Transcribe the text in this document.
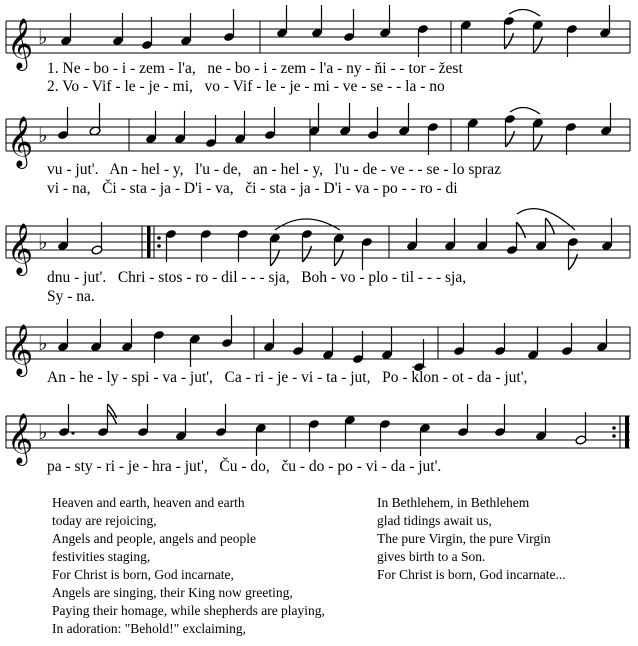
𝄞 ♭
1. Ne - bo - i - zem - l'a,   ne - bo - i - zem - l'a - ny - ňi - - tor - žest
2. Vo - Vif - le - je - mi,   vo - Vif - le - je - mi - ve - se - - la - no
𝄞 ♭
vu - jut'.   An - hel - y,   l'u - de,   an - hel - y,   l'u - de - ve - - se - lo sprаz
vi - na,   Či - sta - ja - D'i - va,   či - sta - ja - D'i - va - po - - ro - di
𝄞 ♭
dnu - jut'.   Chri - stos - ro - dil - - - sja,   Boh - vo - plo - til - - - sja,
Sy - na.
𝄞 ♭
An - he - ly - spi - va - jut',   Ca - ri - je - vi - ta - jut,   Po - klon - ot - da - jut',
𝄞 ♭
pa - sty - ri - je - hra - jut',   Ču - do,   ču - do - po - vi - da - jut'.
Heaven and earth, heaven and earth
today are rejoicing,
Angels and people, angels and people
festivities staging,
For Christ is born, God incarnate,
Angels are singing, their King now greeting,
Paying their homage, while shepherds are playing,
In adoration: "Behold!" exclaiming,
In Bethlehem, in Bethlehem
glad tidings await us,
The pure Virgin, the pure Virgin
gives birth to a Son.
For Christ is born, God incarnate...
